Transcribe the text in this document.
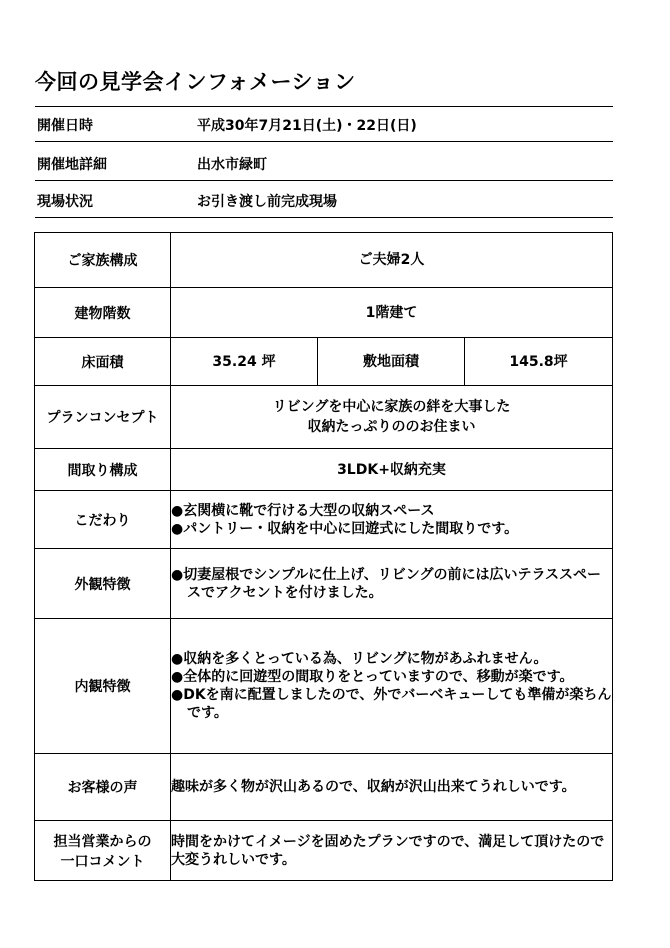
今回の見学会インフォメーション
開催日時	平成30年7月21日(土)・22日(日)
開催地詳細	出水市緑町
現場状況	お引き渡し前完成現場
ご家族構成	ご夫婦2人		
建物階数	1階建て		
床面積	35.24 坪	敷地面積	145.8坪
プランコンセプト	リビングを中心に家族の絆を大事した
収納たっぷりののお住まい		

間取り構成	3LDK+収納充実		
こだわり	●玄関横に靴で行ける大型の収納スペース
●パントリー・収納を中心に回遊式にした間取りです。		

外観特徴	●切妻屋根でシンプルに仕上げ、リビングの前には広いテラススペースでアクセントを付けました。		

内観特徴	●収納を多くとっている為、リビングに物があふれません。
●全体的に回遊型の間取りをとっていますので、移動が楽です。
●DKを南に配置しましたので、外でバーベキューしても準備が楽ちんです。		

お客様の声	趣味が多く物が沢山あるので、収納が沢山出来てうれしいです。		

担当営業からの
一口コメント	時間をかけてイメージを固めたプランですので、満足して頂けたので大変うれしいです。		
